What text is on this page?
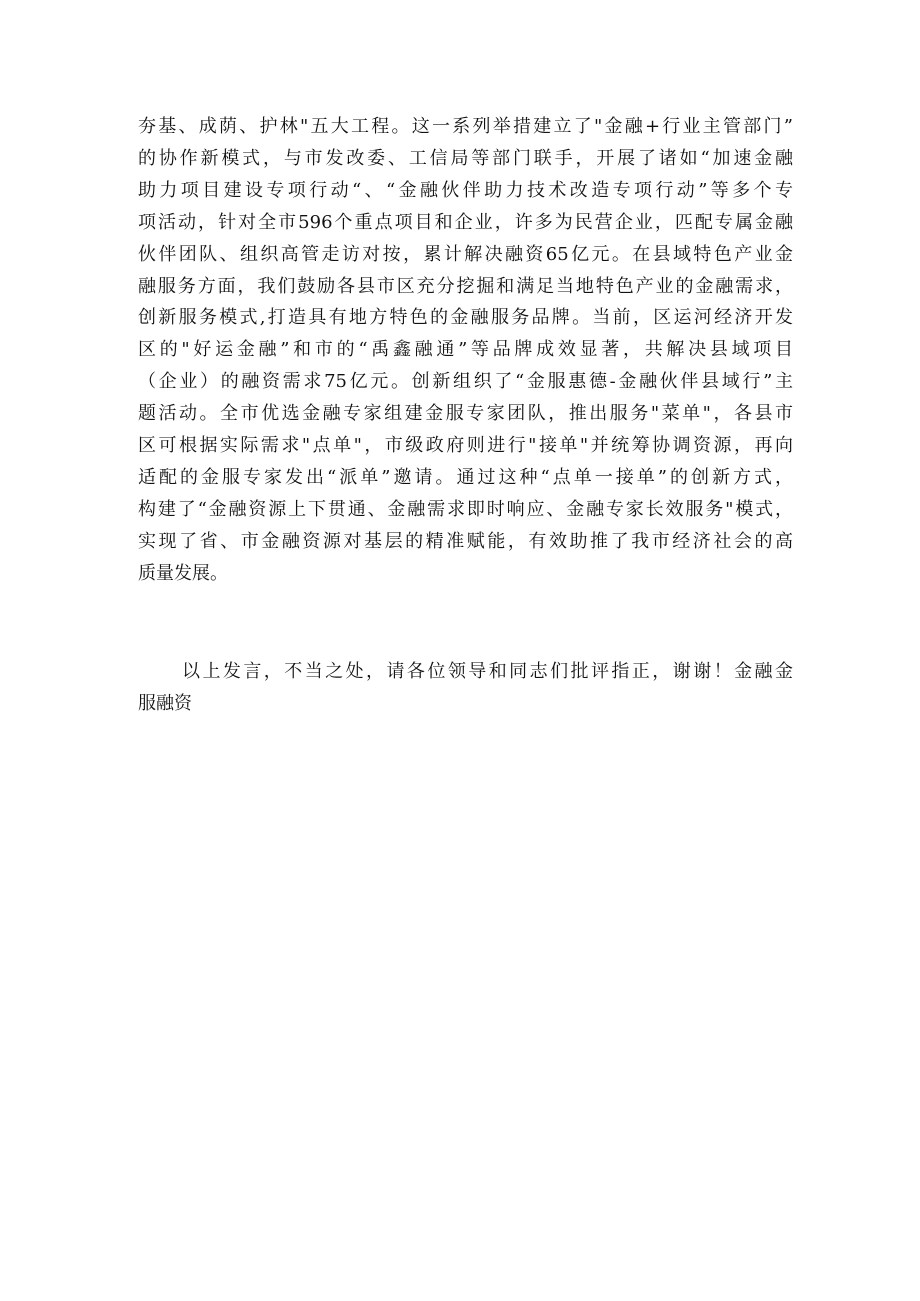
夯基、成荫、护林"五大工程。这一系列举措建立了"金融+行业主管部门”
的协作新模式，与市发改委、工信局等部门联手，开展了诸如“加速金融
助力项目建设专项行动“、“金融伙伴助力技术改造专项行动”等多个专
项活动，针对全市596个重点项目和企业，许多为民营企业，匹配专属金融
伙伴团队、组织高管走访对按，累计解决融资65亿元。在县域特色产业金
融服务方面，我们鼓励各县市区充分挖掘和满足当地特色产业的金融需求，
创新服务模式,打造具有地方特色的金融服务品牌。当前，区运河经济开发
区的"好运金融”和市的“禹鑫融通”等品牌成效显著，共解决县域项目
（企业）的融资需求75亿元。创新组织了“金服惠德-金融伙伴县域行”主
题活动。全市优选金融专家组建金服专家团队，推出服务"菜单"，各县市
区可根据实际需求"点单"，市级政府则进行"接单"并统筹协调资源，再向
适配的金服专家发出“派单”邀请。通过这种“点单一接单”的创新方式，
构建了“金融资源上下贯通、金融需求即时响应、金融专家长效服务"模式，
实现了省、市金融资源对基层的精准赋能，有效助推了我市经济社会的高
质量发展。
以上发言，不当之处，请各位领导和同志们批评指正，谢谢！金融金
服融资
